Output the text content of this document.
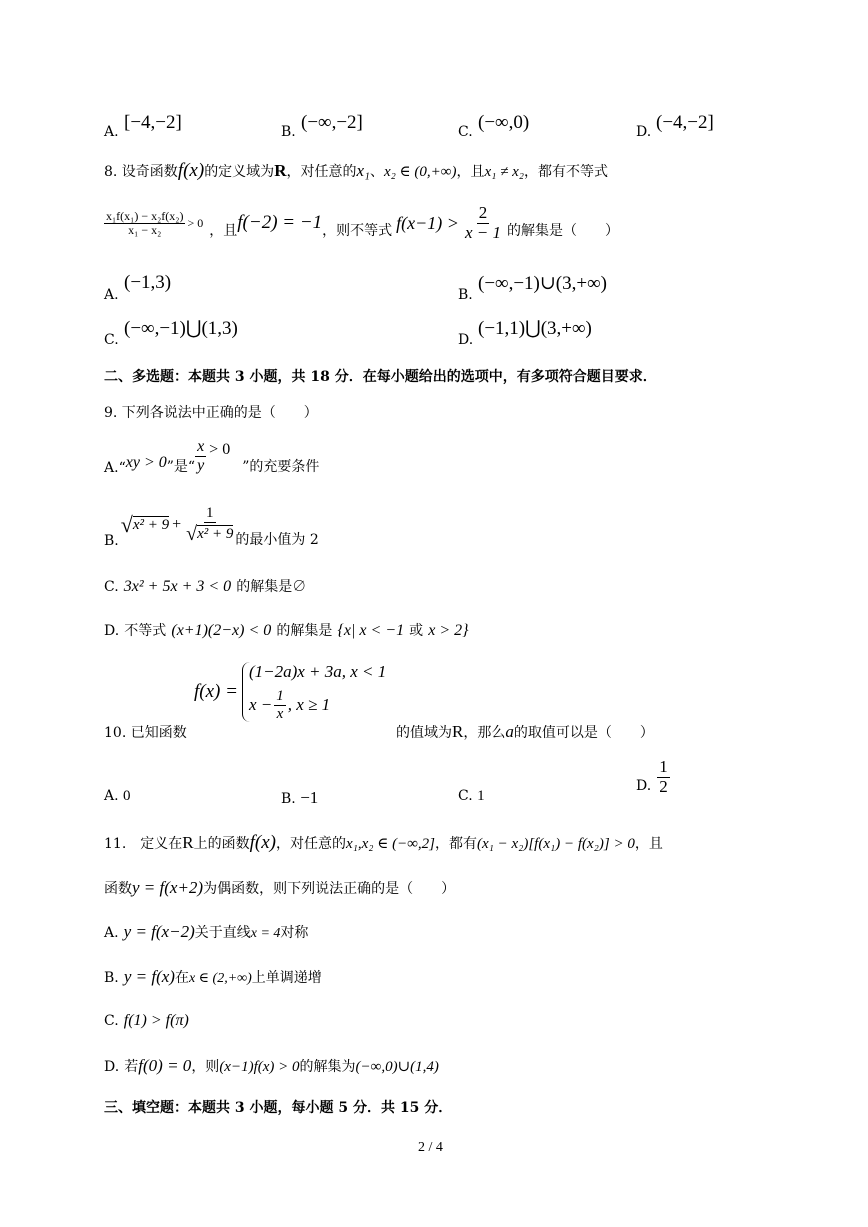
A. [−4,−2]	B. (−∞,−2]	C. (−∞,0)	D. (−4,−2]
8. 设奇函数f(x)的定义域为R，对任意的x₁、x₂ ∈ (0,+∞)，且x₁ ≠ x₂，都有不等式
$\frac{\text{x₁f(x₁) − x₂f(x₂)}}{\text{x₁ − x₂}} > 0$
，且 f(−2) = −1 ，则不等式 $f(x-1) > \frac{2}{x - 1}$ 的解集是（　　）
A.
(−1,3)
B.
(−∞,−1)∪(3,+∞)
C.
(−∞,−1)⋃(1,3)
D.
(−1,1)⋃(3,+∞)
二、多选题：本题共 3 小题，共 18 分．在每小题给出的选项中，有多项符合题目要求．
9. 下列各说法中正确的是（　　）
A. “ xy > 0 ”是“ $\frac{x}{y} > 0$
”的充要条件
B.
√ $x^2 + 9 + \frac{1}{\text{√ x² + 9}}$ 的最小值为 2
C. 3x² + 5x + 3 < 0 的解集是∅
D. 不等式 (x+1)(2−x) < 0 的解集是 {x| x < −1 或 x > 2}
10. 已知函数
f(x) =
(1−2a)x + 3a, x < 1
$x - \frac{1}{x}$ , x ≥ 1
的值域为R，那么a的取值可以是（　　）
A. 0	B. −1	C. 1
D. $\frac{1}{2}$
11.　定义在R上的函数f(x)，对任意的x₁,x₂ ∈ (−∞,2]，都有(x₁ − x₂)[f(x₁) − f(x₂)] > 0，且
函数y = f(x+2)为偶函数，则下列说法正确的是（　　）
A. y = f(x−2)关于直线x = 4对称
B. y = f(x)在x ∈ (2,+∞)上单调递增
C. f(1) > f(π)
D. 若f(0) = 0，则(x−1)f(x) > 0的解集为(−∞,0)∪(1,4)
三、填空题：本题共 3 小题，每小题 5 分．共 15 分．
2 / 4
